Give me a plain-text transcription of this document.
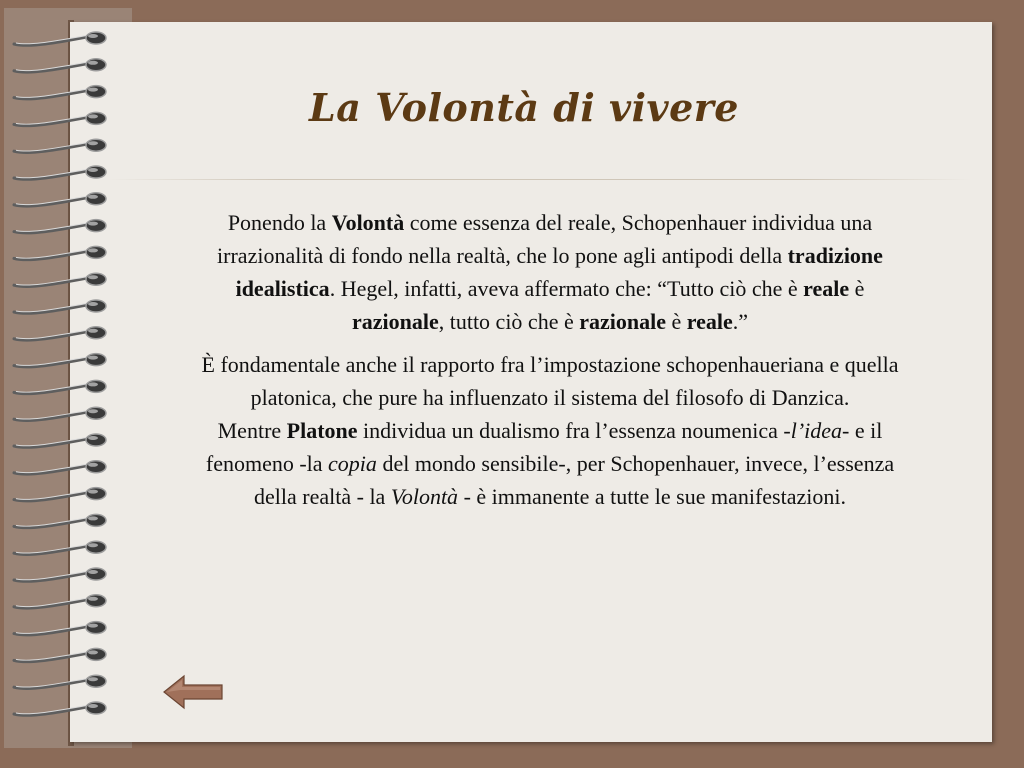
La Volontà di vivere

Ponendo la Volontà come essenza del reale, Schopenhauer individua una irrazionalità di fondo nella realtà, che lo pone agli antipodi della tradizione idealistica. Hegel, infatti, aveva affermato che: “Tutto ciò che è reale è razionale, tutto ciò che è razionale è reale.”

È fondamentale anche il rapporto fra l’impostazione schopenhaueriana e quella platonica, che pure ha influenzato il sistema del filosofo di Danzica.
Mentre Platone individua un dualismo fra l’essenza noumenica -l’idea- e il fenomeno -la copia del mondo sensibile-, per Schopenhauer, invece, l’essenza della realtà - la Volontà - è immanente a tutte le sue manifestazioni.
